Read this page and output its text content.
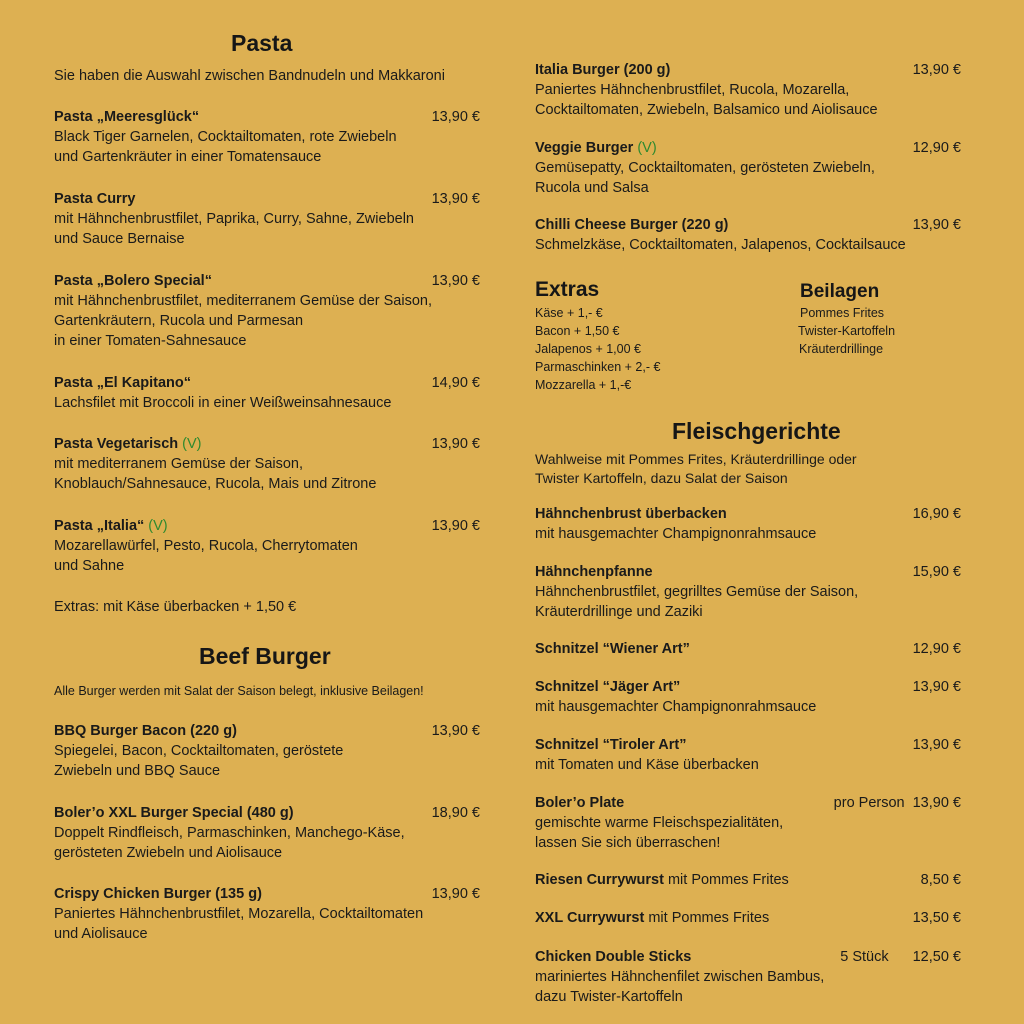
Pasta
Sie haben die Auswahl zwischen Bandnudeln und Makkaroni
Pasta „Meeresglück“	13,90 €
Black Tiger Garnelen, Cocktailtomaten, rote Zwiebeln
und Gartenkräuter in einer Tomatensauce
Pasta Curry	13,90 €
mit Hähnchenbrustfilet, Paprika, Curry, Sahne, Zwiebeln
und Sauce Bernaise
Pasta „Bolero Special“	13,90 €
mit Hähnchenbrustfilet, mediterranem Gemüse der Saison,
Gartenkräutern, Rucola und Parmesan
in einer Tomaten-Sahnesauce
Pasta „El Kapitano“	14,90 €
Lachsfilet mit Broccoli in einer Weißweinsahnesauce
Pasta Vegetarisch (V)	13,90 €
mit mediterranem Gemüse der Saison,
Knoblauch/Sahnesauce, Rucola, Mais und Zitrone
Pasta „Italia“ (V)	13,90 €
Mozarellawürfel, Pesto, Rucola, Cherrytomaten
und Sahne
Extras: mit Käse überbacken + 1,50 €
Beef Burger
Alle Burger werden mit Salat der Saison belegt, inklusive Beilagen!
BBQ Burger Bacon (220 g)	13,90 €
Spiegelei, Bacon, Cocktailtomaten, geröstete
Zwiebeln und BBQ Sauce
Boler’o XXL Burger Special (480 g)	18,90 €
Doppelt Rindfleisch, Parmaschinken, Manchego-Käse,
gerösteten Zwiebeln und Aiolisauce
Crispy Chicken Burger (135 g)	13,90 €
Paniertes Hähnchenbrustfilet, Mozarella, Cocktailtomaten
und Aiolisauce
Italia Burger (200 g)	13,90 €
Paniertes Hähnchenbrustfilet, Rucola, Mozarella,
Cocktailtomaten, Zwiebeln, Balsamico und Aiolisauce
Veggie Burger (V)	12,90 €
Gemüsepatty, Cocktailtomaten, gerösteten Zwiebeln,
Rucola und Salsa
Chilli Cheese Burger (220 g)	13,90 €
Schmelzkäse, Cocktailtomaten, Jalapenos, Cocktailsauce
Extras
Käse + 1,- €
Bacon + 1,50 €
Jalapenos + 1,00 €
Parmaschinken + 2,- €
Mozzarella + 1,-€
Beilagen
Pommes Frites
Twister-Kartoffeln
Kräuterdrillinge
Fleischgerichte
Wahlweise mit Pommes Frites, Kräuterdrillinge oder
Twister Kartoffeln, dazu Salat der Saison
Hähnchenbrust überbacken	16,90 €
mit hausgemachter Champignonrahmsauce
Hähnchenpfanne	15,90 €
Hähnchenbrustfilet, gegrilltes Gemüse der Saison,
Kräuterdrillinge und Zaziki
Schnitzel “Wiener Art”	12,90 €
Schnitzel “Jäger Art”	13,90 €
mit hausgemachter Champignonrahmsauce
Schnitzel “Tiroler Art”	13,90 €
mit Tomaten und Käse überbacken
Boler’o Plate	pro Person 13,90 €
gemischte warme Fleischspezialitäten,
lassen Sie sich überraschen!
Riesen Currywurst mit Pommes Frites	8,50 €
XXL Currywurst mit Pommes Frites	13,50 €
Chicken Double Sticks	5 Stück 12,50 €
mariniertes Hähnchenfilet zwischen Bambus,
dazu Twister-Kartoffeln
